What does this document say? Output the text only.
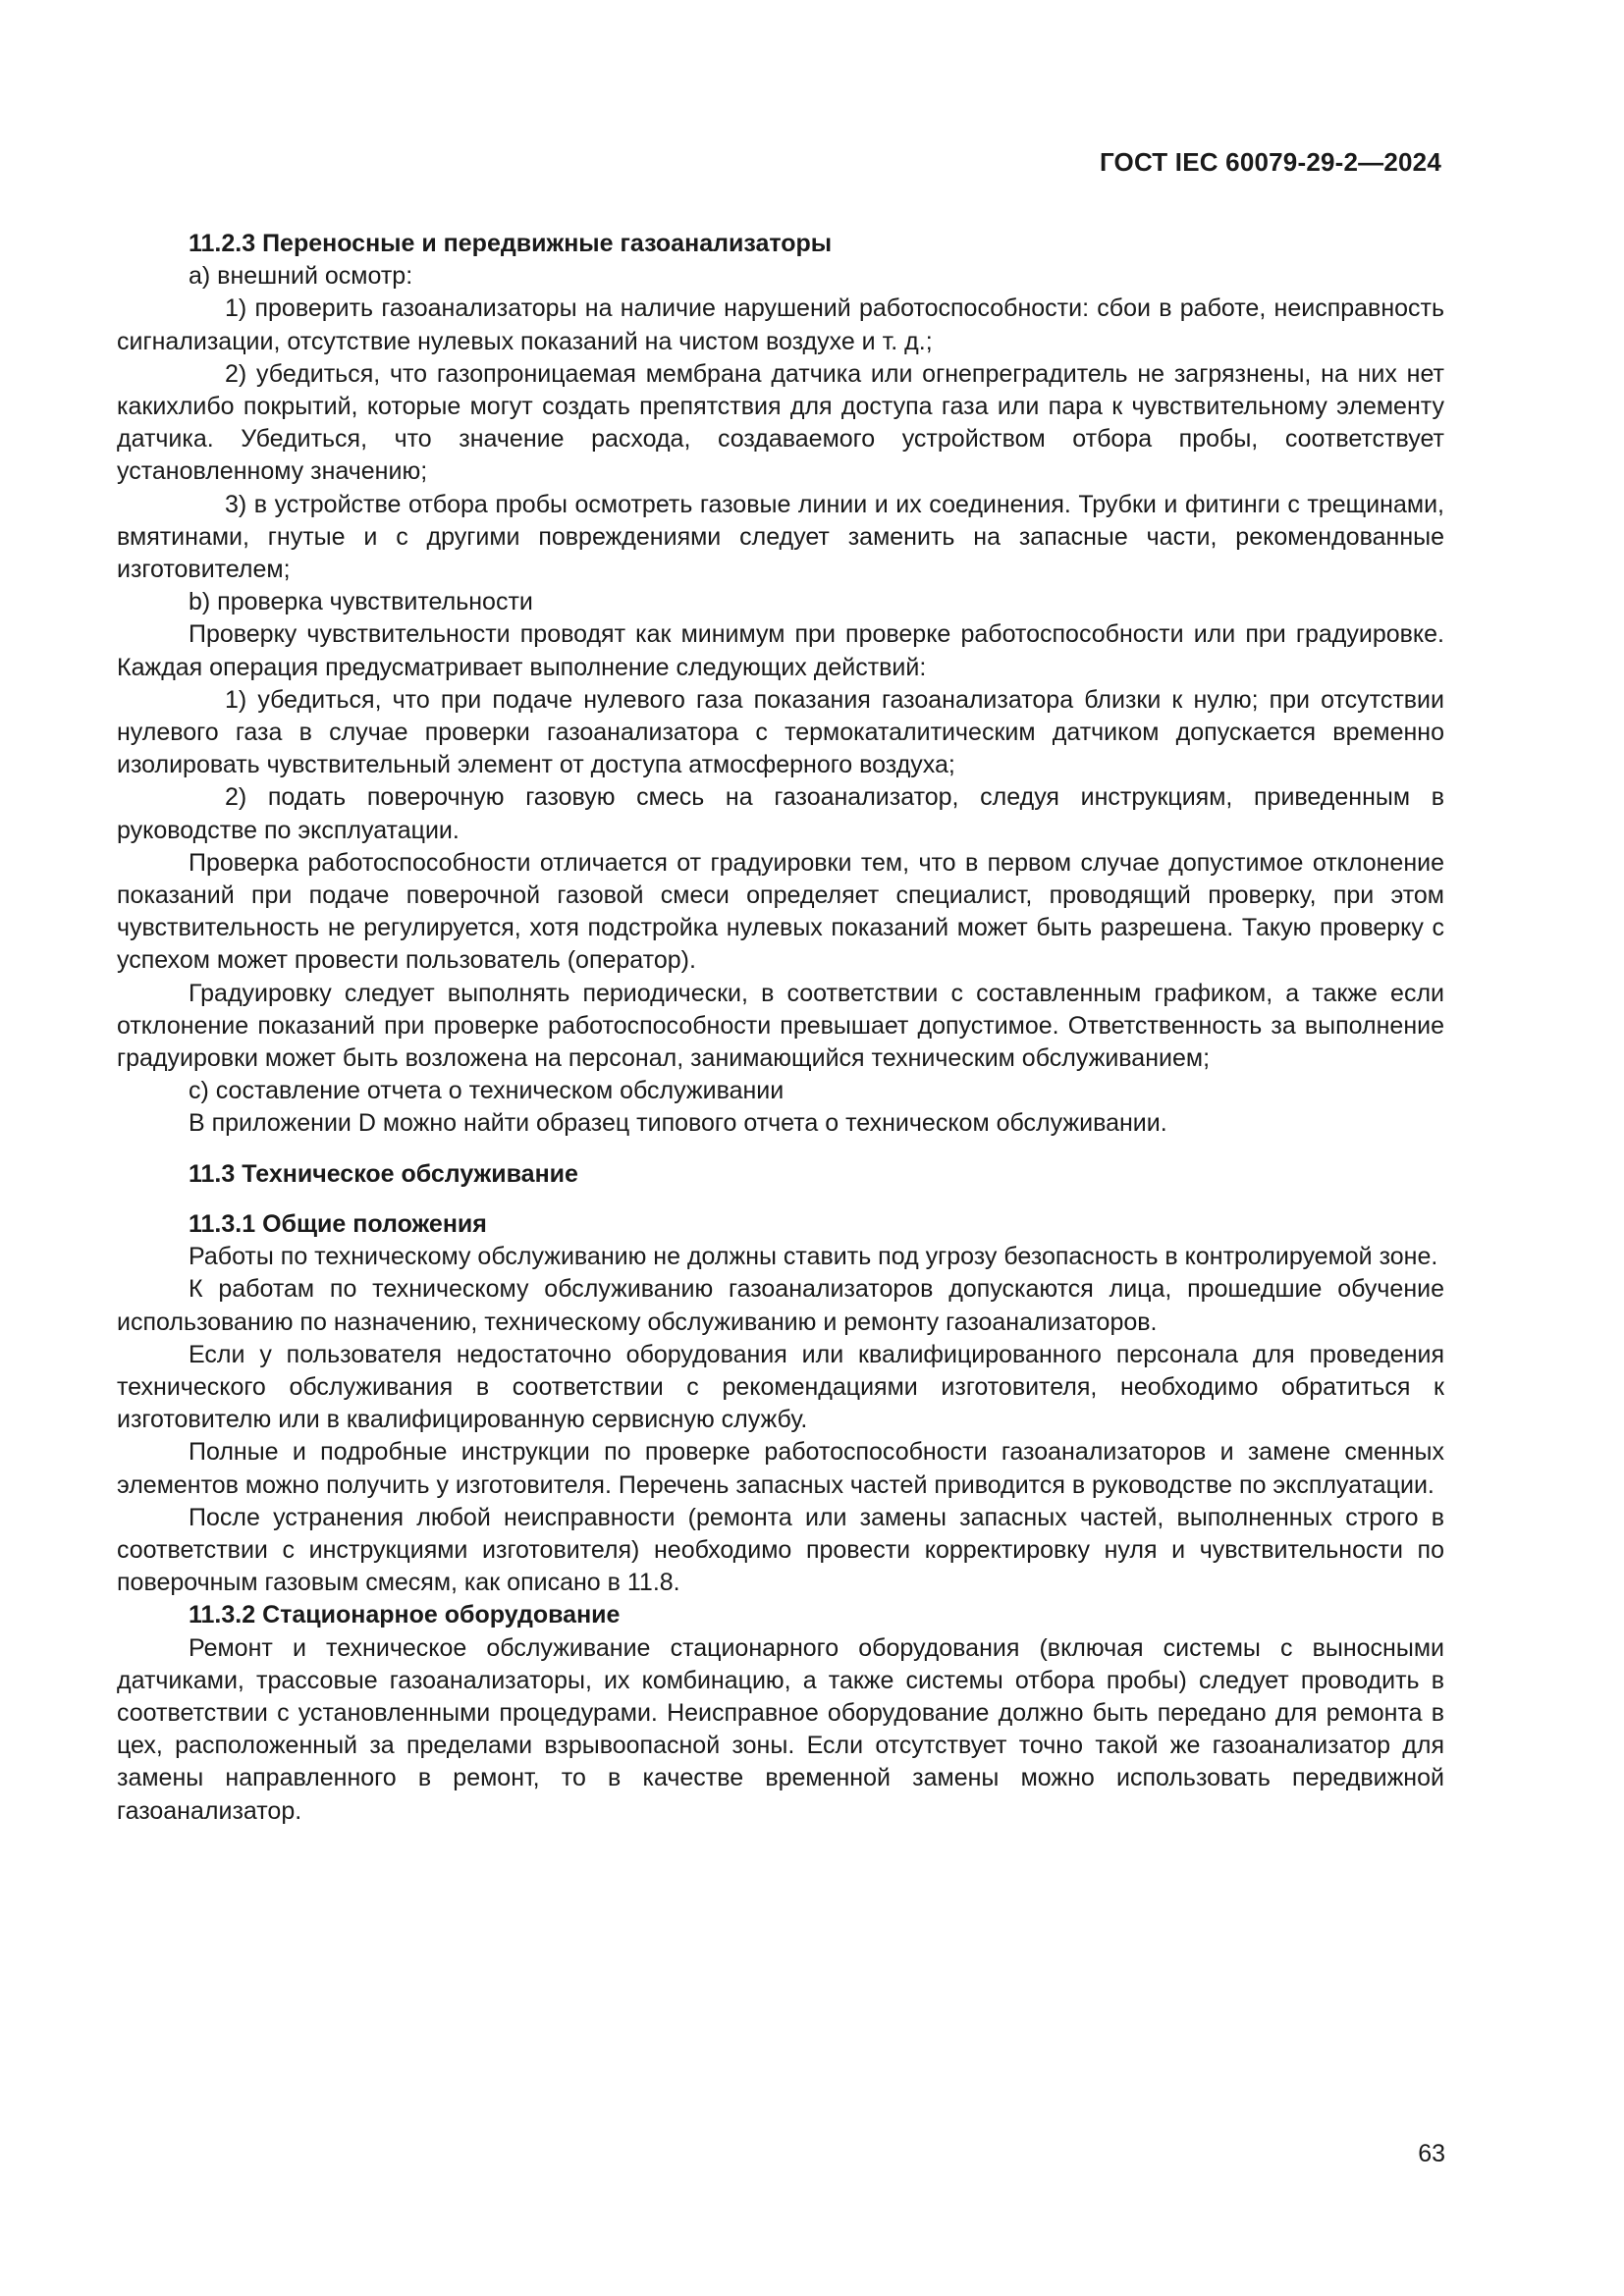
ГОСТ IEC 60079-29-2—2024

11.2.3 Переносные и передвижные газоанализаторы

а) внешний осмотр:

1) проверить газоанализаторы на наличие нарушений работоспособности: сбои в работе, неисправность сигнализации, отсутствие нулевых показаний на чистом воздухе и т. д.;

2) убедиться, что газопроницаемая мембрана датчика или огнепреградитель не загрязнены, на них нет какихлибо покрытий, которые могут создать препятствия для доступа газа или пара к чувствительному элементу датчика. Убедиться, что значение расхода, создаваемого устройством отбора пробы, соответствует установленному значению;

3) в устройстве отбора пробы осмотреть газовые линии и их соединения. Трубки и фитинги с трещинами, вмятинами, гнутые и с другими повреждениями следует заменить на запасные части, рекомендованные изготовителем;

b) проверка чувствительности

Проверку чувствительности проводят как минимум при проверке работоспособности или при градуировке. Каждая операция предусматривает выполнение следующих действий:

1) убедиться, что при подаче нулевого газа показания газоанализатора близки к нулю; при отсутствии нулевого газа в случае проверки газоанализатора с термокаталитическим датчиком допускается временно изолировать чувствительный элемент от доступа атмосферного воздуха;

2) подать поверочную газовую смесь на газоанализатор, следуя инструкциям, приведенным в руководстве по эксплуатации.

Проверка работоспособности отличается от градуировки тем, что в первом случае допустимое отклонение показаний при подаче поверочной газовой смеси определяет специалист, проводящий проверку, при этом чувствительность не регулируется, хотя подстройка нулевых показаний может быть разрешена. Такую проверку с успехом может провести пользователь (оператор).

Градуировку следует выполнять периодически, в соответствии с составленным графиком, а также если отклонение показаний при проверке работоспособности превышает допустимое. Ответственность за выполнение градуировки может быть возложена на персонал, занимающийся техническим обслуживанием;

с) составление отчета о техническом обслуживании

В приложении D можно найти образец типового отчета о техническом обслуживании.

11.3 Техническое обслуживание

11.3.1 Общие положения

Работы по техническому обслуживанию не должны ставить под угрозу безопасность в контролируемой зоне.

К работам по техническому обслуживанию газоанализаторов допускаются лица, прошедшие обучение использованию по назначению, техническому обслуживанию и ремонту газоанализаторов.

Если у пользователя недостаточно оборудования или квалифицированного персонала для проведения технического обслуживания в соответствии с рекомендациями изготовителя, необходимо обратиться к изготовителю или в квалифицированную сервисную службу.

Полные и подробные инструкции по проверке работоспособности газоанализаторов и замене сменных элементов можно получить у изготовителя. Перечень запасных частей приводится в руководстве по эксплуатации.

После устранения любой неисправности (ремонта или замены запасных частей, выполненных строго в соответствии с инструкциями изготовителя) необходимо провести корректировку нуля и чувствительности по поверочным газовым смесям, как описано в 11.8.

11.3.2 Стационарное оборудование

Ремонт и техническое обслуживание стационарного оборудования (включая системы с выносными датчиками, трассовые газоанализаторы, их комбинацию, а также системы отбора пробы) следует проводить в соответствии с установленными процедурами. Неисправное оборудование должно быть передано для ремонта в цех, расположенный за пределами взрывоопасной зоны. Если отсутствует точно такой же газоанализатор для замены направленного в ремонт, то в качестве временной замены можно использовать передвижной газоанализатор.

63
